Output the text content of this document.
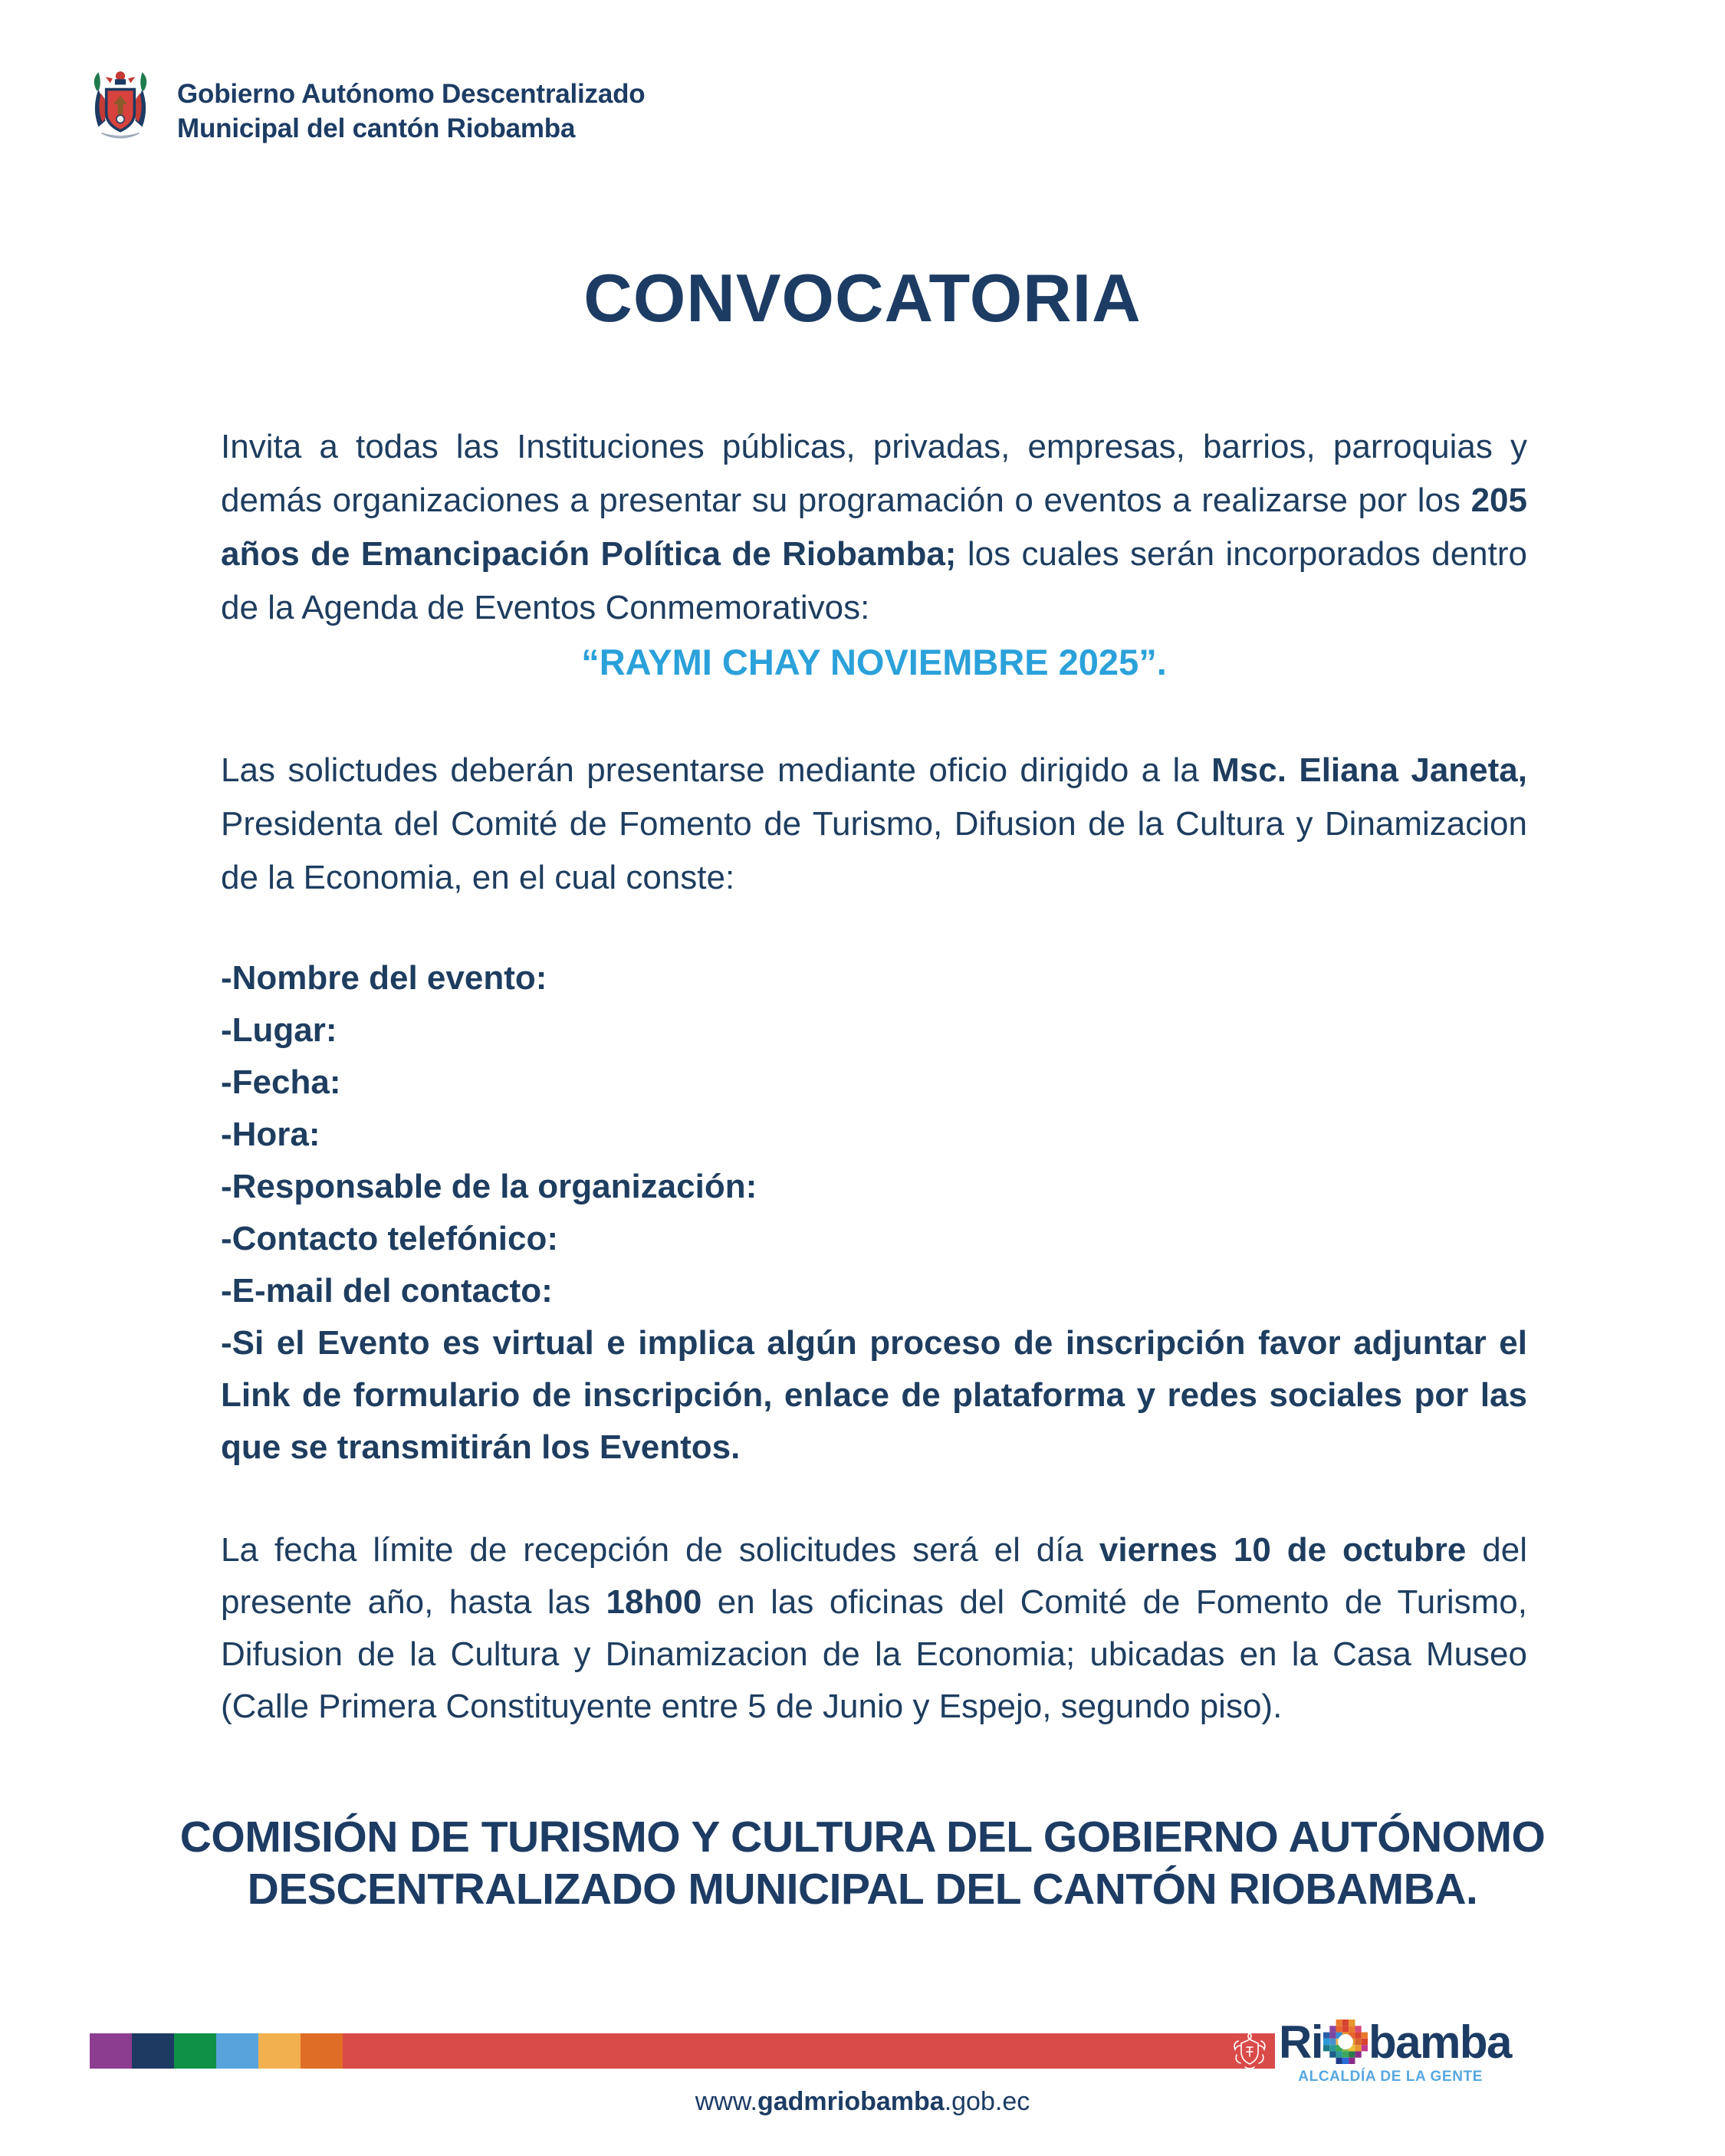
Gobierno Autónomo Descentralizado
Municipal del cantón Riobamba
CONVOCATORIA

Invita a todas las Instituciones públicas, privadas, empresas, barrios, parroquias y demás organizaciones a presentar su programación o eventos a realizarse por los 205 años de Emancipación Política de Riobamba; los cuales serán incorporados dentro de la Agenda de Eventos Conmemorativos:

“RAYMI CHAY NOVIEMBRE 2025”.

Las solictudes deberán presentarse mediante oficio dirigido a la Msc. Eliana Janeta, Presidenta del Comité de Fomento de Turismo, Difusion de la Cultura y Dinamizacion de la Economia, en el cual conste:

-Nombre del evento:
-Lugar:
-Fecha:
-Hora:
-Responsable de la organización:
-Contacto telefónico:
-E-mail del contacto:
-Si el Evento es virtual e implica algún proceso de inscripción favor adjuntar el Link de formulario de inscripción, enlace de plataforma y redes sociales por las que se transmitirán los Eventos.

La fecha límite de recepción de solicitudes será el día viernes 10 de octubre del presente año, hasta las 18h00 en las oficinas del Comité de Fomento de Turismo, Difusion de la Cultura y Dinamizacion de la Economia; ubicadas en la Casa Museo (Calle Primera Constituyente entre 5 de Junio y Espejo, segundo piso).

COMISIÓN DE TURISMO Y CULTURA DEL GOBIERNO AUTÓNOMO DESCENTRALIZADO MUNICIPAL DEL CANTÓN RIOBAMBA.
Ri bamba
ALCALDÍA DE LA GENTE
www.gadmriobamba.gob.ec
